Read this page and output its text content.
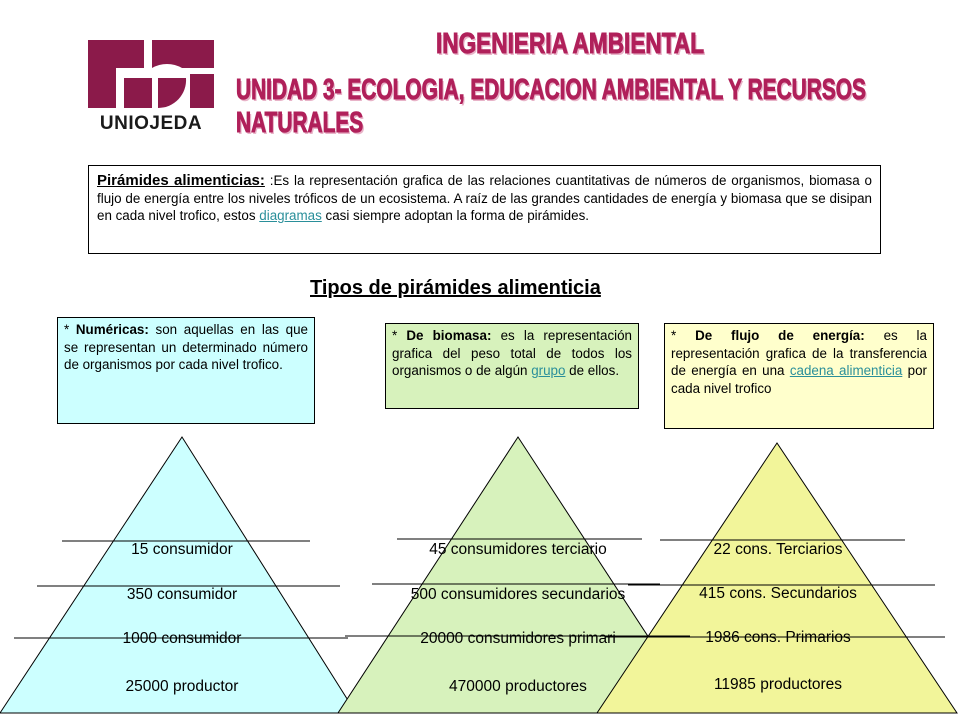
UNIOJEDA
INGENIERIA AMBIENTAL
UNIDAD 3- ECOLOGIA, EDUCACION AMBIENTAL Y RECURSOS NATURALES
Pirámides alimenticias: :Es la representación grafica de las relaciones cuantitativas de números de organismos, biomasa o flujo de energía entre los niveles tróficos de un ecosistema. A raíz de las grandes cantidades de energía y biomasa que se disipan en cada nivel trofico, estos diagramas casi siempre adoptan la forma de pirámides.
Tipos de pirámides alimenticia
* Numéricas: son aquellas en las que se representan un determinado número de organismos por cada nivel trofico.
* De biomasa: es la representación grafica del peso total de todos los organismos o de algún grupo de ellos.
* De flujo de energía: es la representación grafica de la transferencia de energía en una cadena alimenticia por cada nivel trofico
15 consumidor
350 consumidor
1000 consumidor
25000 productor
45 consumidores terciario
500 consumidores secundarios
20000 consumidores primari
470000 productores
22 cons. Terciarios
415 cons. Secundarios
1986 cons. Primarios
11985 productores
